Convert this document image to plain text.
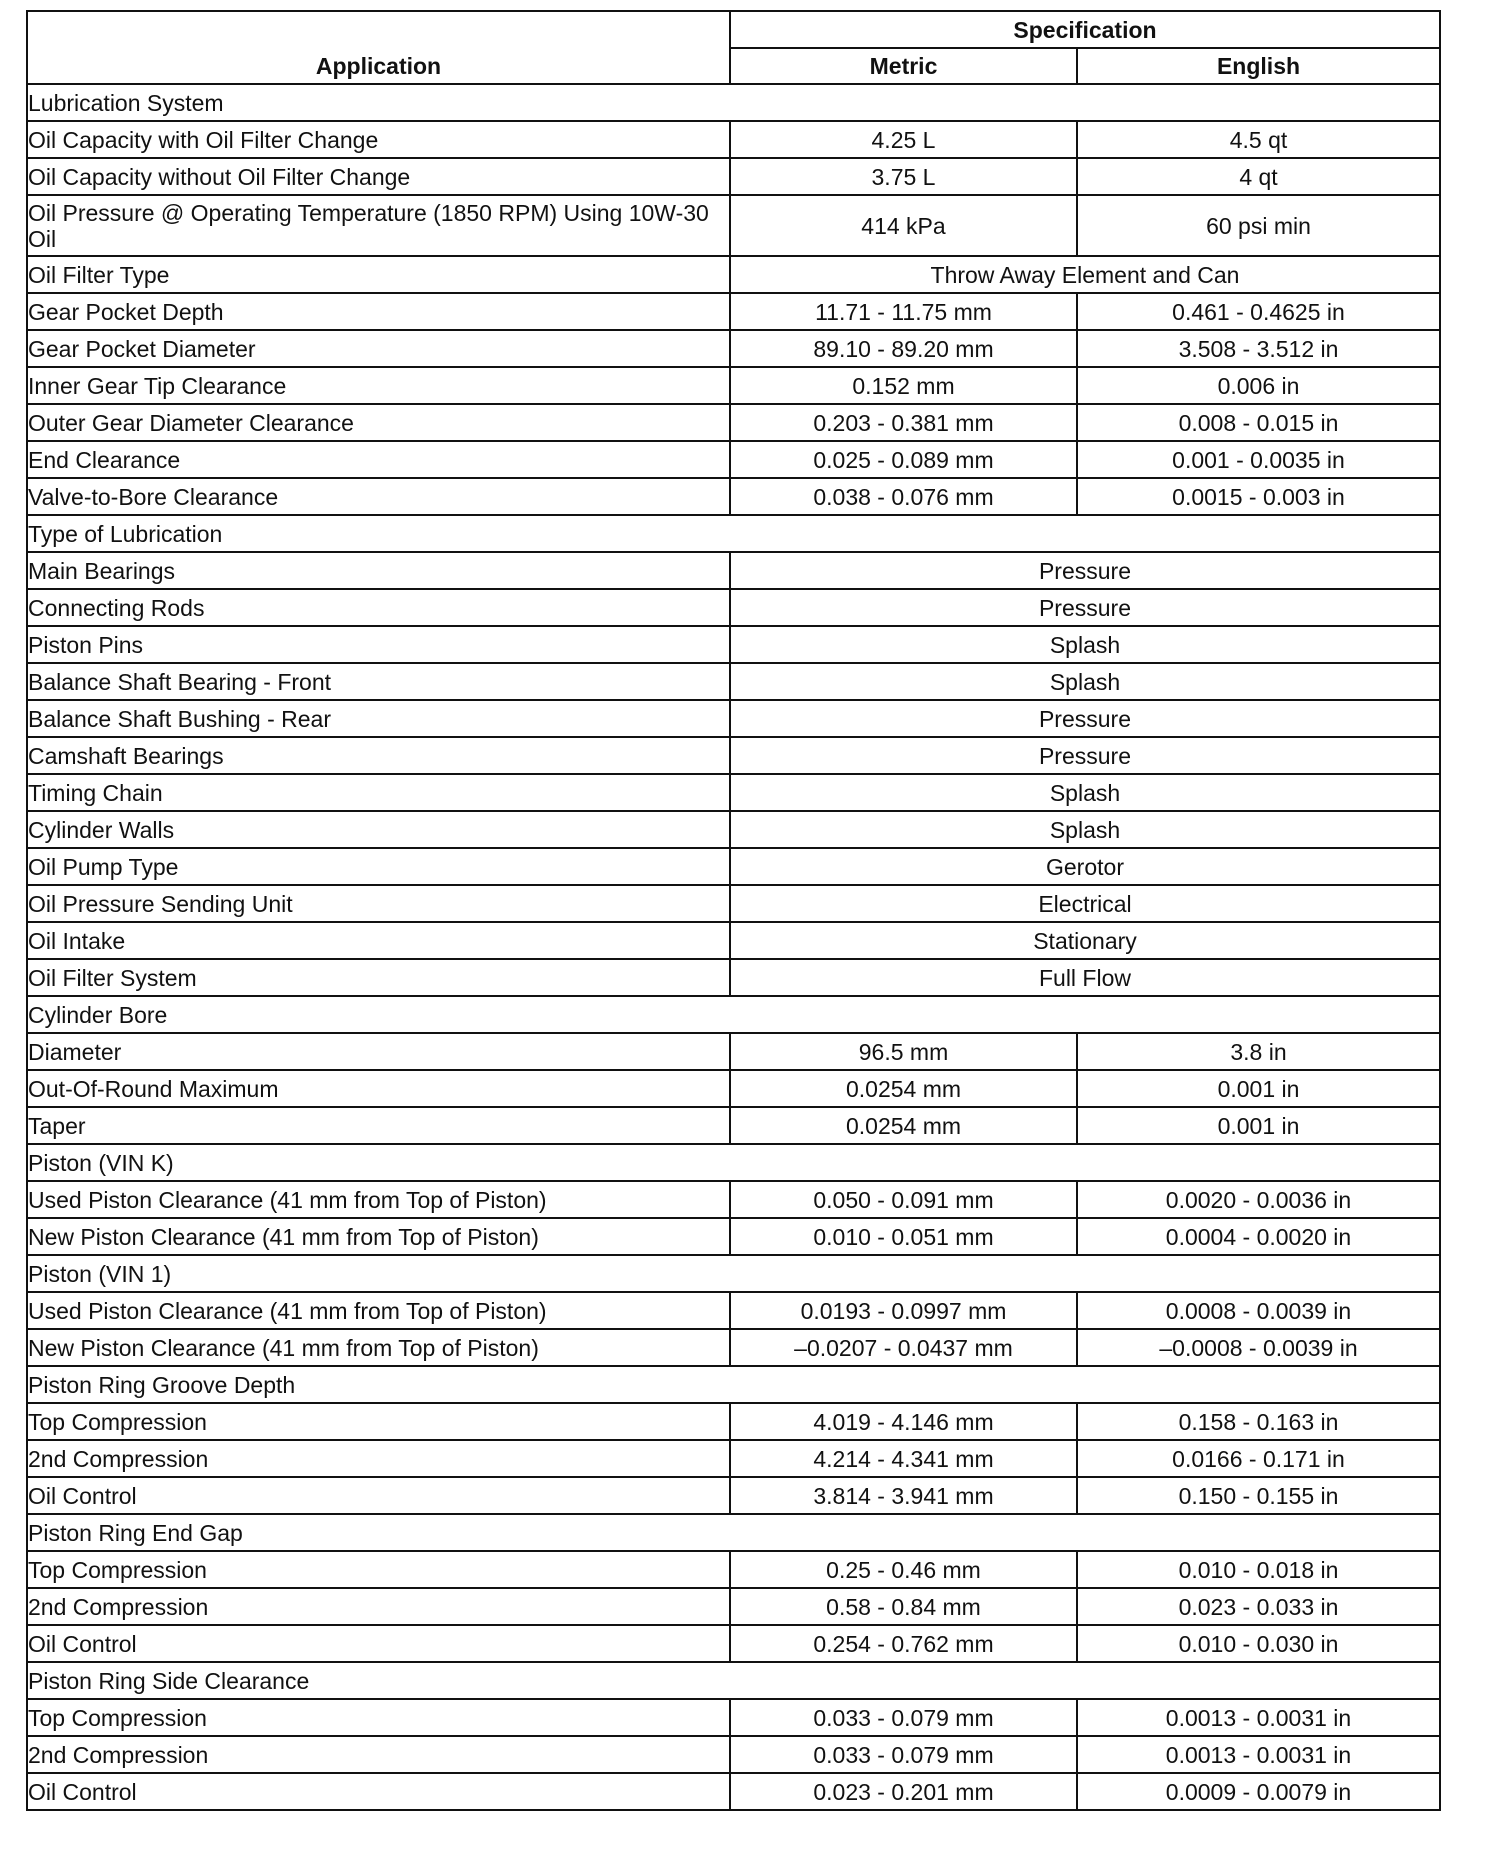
Application	Specification	
	Metric	English
Lubrication System		
Oil Capacity with Oil Filter Change	4.25 L	4.5 qt
Oil Capacity without Oil Filter Change	3.75 L	4 qt
Oil Pressure @ Operating Temperature (1850 RPM) Using 10W-30 Oil	414 kPa	60 psi min
Oil Filter Type	Throw Away Element and Can	
Gear Pocket Depth	11.71 - 11.75 mm	0.461 - 0.4625 in
Gear Pocket Diameter	89.10 - 89.20 mm	3.508 - 3.512 in
Inner Gear Tip Clearance	0.152 mm	0.006 in
Outer Gear Diameter Clearance	0.203 - 0.381 mm	0.008 - 0.015 in
End Clearance	0.025 - 0.089 mm	0.001 - 0.0035 in
Valve-to-Bore Clearance	0.038 - 0.076 mm	0.0015 - 0.003 in
Type of Lubrication		
Main Bearings	Pressure	
Connecting Rods	Pressure	
Piston Pins	Splash	
Balance Shaft Bearing - Front	Splash	
Balance Shaft Bushing - Rear	Pressure	
Camshaft Bearings	Pressure	
Timing Chain	Splash	
Cylinder Walls	Splash	
Oil Pump Type	Gerotor	
Oil Pressure Sending Unit	Electrical	
Oil Intake	Stationary	
Oil Filter System	Full Flow	
Cylinder Bore		
Diameter	96.5 mm	3.8 in
Out-Of-Round Maximum	0.0254 mm	0.001 in
Taper	0.0254 mm	0.001 in
Piston (VIN K)		
Used Piston Clearance (41 mm from Top of Piston)	0.050 - 0.091 mm	0.0020 - 0.0036 in
New Piston Clearance (41 mm from Top of Piston)	0.010 - 0.051 mm	0.0004 - 0.0020 in
Piston (VIN 1)		
Used Piston Clearance (41 mm from Top of Piston)	0.0193 - 0.0997 mm	0.0008 - 0.0039 in
New Piston Clearance (41 mm from Top of Piston)	–0.0207 - 0.0437 mm	–0.0008 - 0.0039 in
Piston Ring Groove Depth		
Top Compression	4.019 - 4.146 mm	0.158 - 0.163 in
2nd Compression	4.214 - 4.341 mm	0.0166 - 0.171 in
Oil Control	3.814 - 3.941 mm	0.150 - 0.155 in
Piston Ring End Gap		
Top Compression	0.25 - 0.46 mm	0.010 - 0.018 in
2nd Compression	0.58 - 0.84 mm	0.023 - 0.033 in
Oil Control	0.254 - 0.762 mm	0.010 - 0.030 in
Piston Ring Side Clearance		
Top Compression	0.033 - 0.079 mm	0.0013 - 0.0031 in
2nd Compression	0.033 - 0.079 mm	0.0013 - 0.0031 in
Oil Control	0.023 - 0.201 mm	0.0009 - 0.0079 in
